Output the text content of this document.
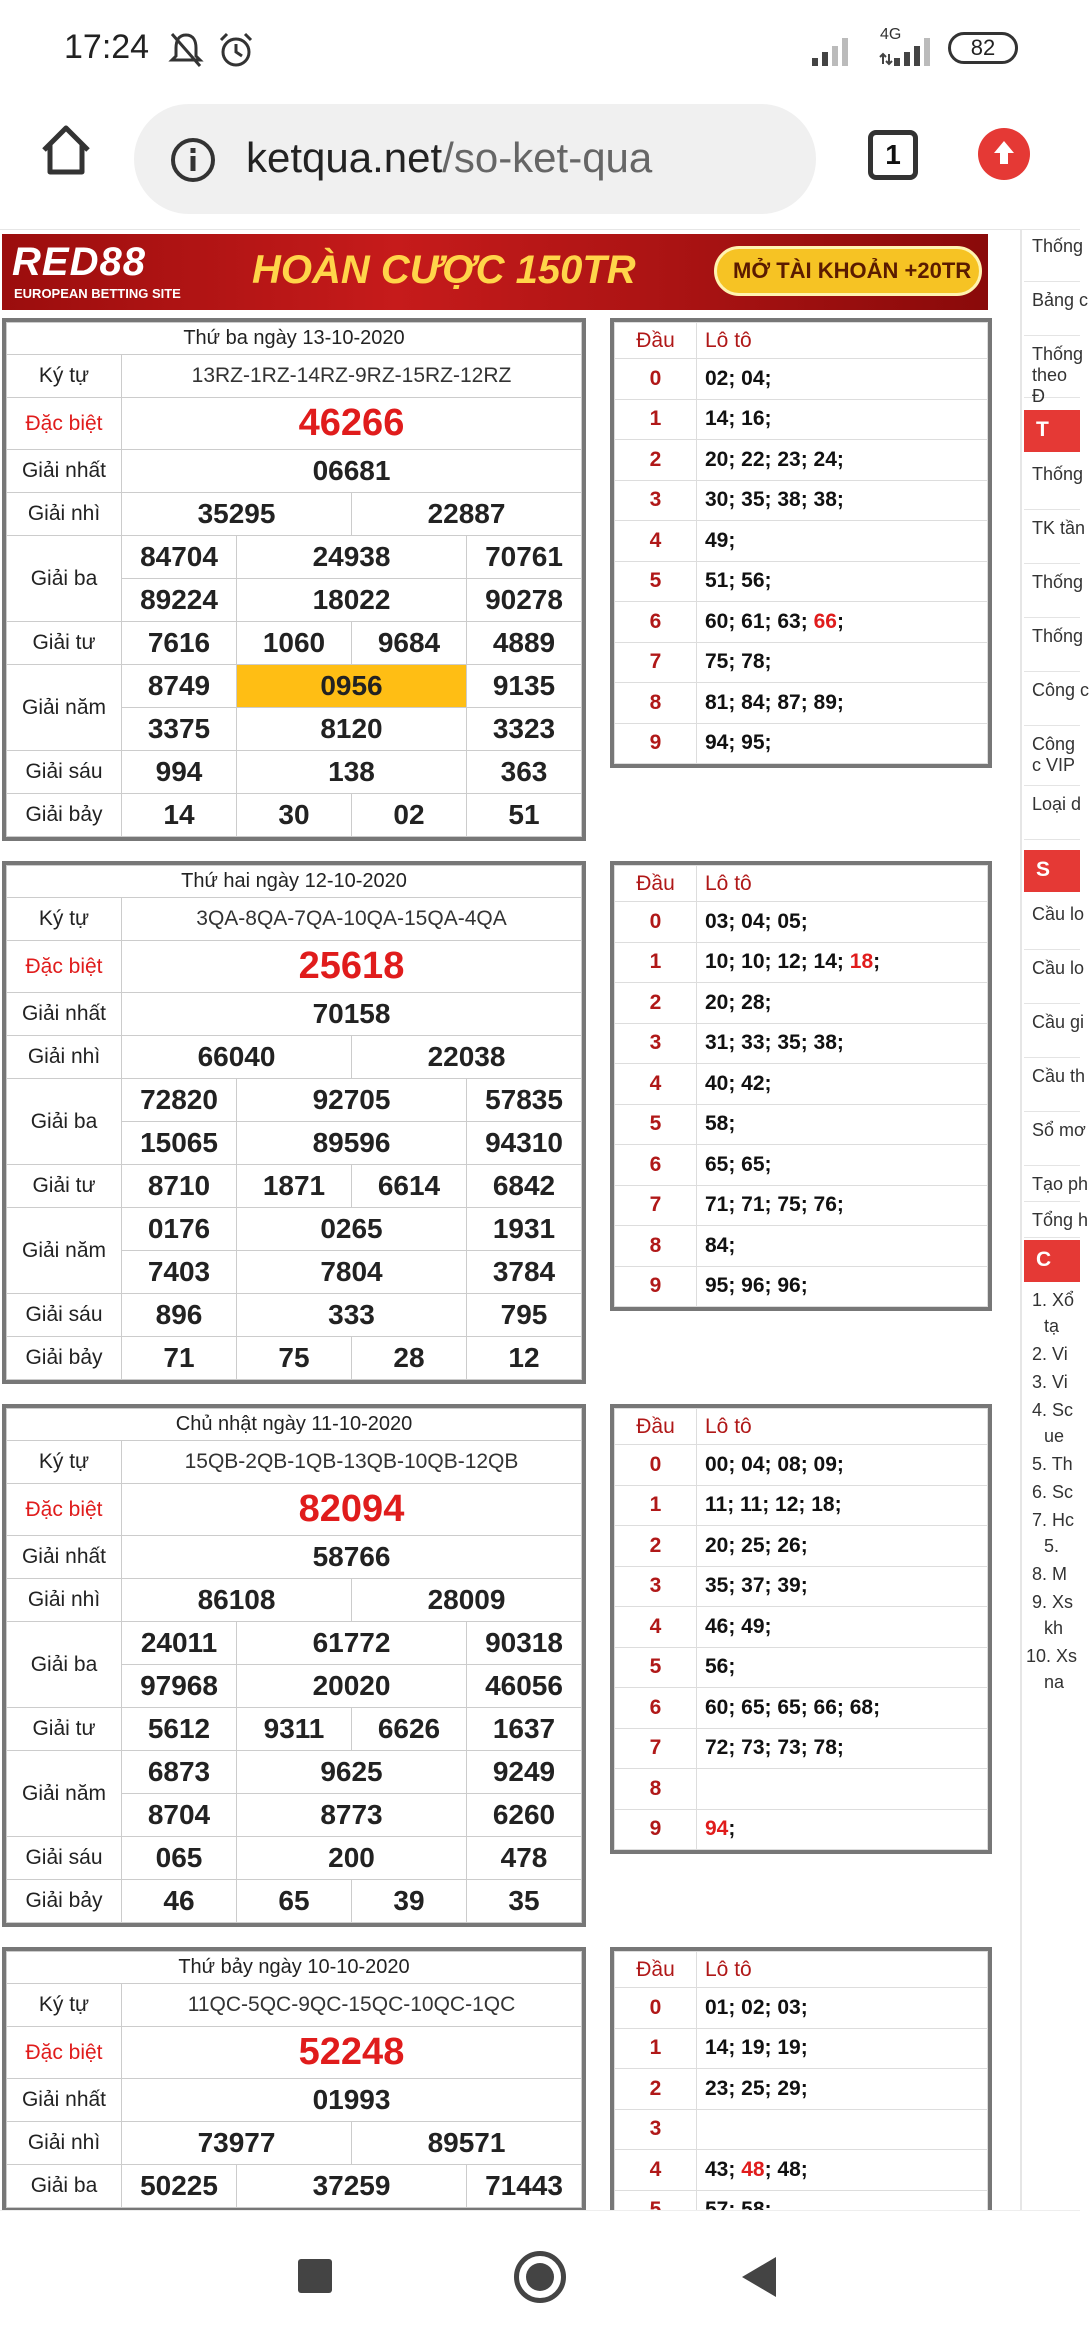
17:24	4G
82
ketqua.net/so-ket-qua	1
RED88
EUROPEAN BETTING SITE
HOÀN CƯỢC 150TR	MỞ TÀI KHOẢN +20TR
Thứ ba ngày 13-10-2020				
Ký tự	13RZ-1RZ-14RZ-9RZ-15RZ-12RZ			
Đặc biệt	46266			
Giải nhất	06681			
Giải nhì	35295		22887	
Giải ba	84704	24938		70761
	89224	18022		90278
Giải tư	7616	1060	9684	4889
Giải năm	8749	0956		9135
	3375	8120		3323
Giải sáu	994	138		363
Giải bảy	14	30	02	51
Đầu	Lô tô
0	02; 04;
1	14; 16;
2	20; 22; 23; 24;
3	30; 35; 38; 38;
4	49;
5	51; 56;
6	60; 61; 63; 66;
7	75; 78;
8	81; 84; 87; 89;
9	94; 95;
Thứ hai ngày 12-10-2020				
Ký tự	3QA-8QA-7QA-10QA-15QA-4QA			
Đặc biệt	25618			
Giải nhất	70158			
Giải nhì	66040		22038	
Giải ba	72820	92705		57835
	15065	89596		94310
Giải tư	8710	1871	6614	6842
Giải năm	0176	0265		1931
	7403	7804		3784
Giải sáu	896	333		795
Giải bảy	71	75	28	12
Đầu	Lô tô
0	03; 04; 05;
1	10; 10; 12; 14; 18;
2	20; 28;
3	31; 33; 35; 38;
4	40; 42;
5	58;
6	65; 65;
7	71; 71; 75; 76;
8	84;
9	95; 96; 96;
Chủ nhật ngày 11-10-2020				
Ký tự	15QB-2QB-1QB-13QB-10QB-12QB			
Đặc biệt	82094			
Giải nhất	58766			
Giải nhì	86108		28009	
Giải ba	24011	61772		90318
	97968	20020		46056
Giải tư	5612	9311	6626	1637
Giải năm	6873	9625		9249
	8704	8773		6260
Giải sáu	065	200		478
Giải bảy	46	65	39	35
Đầu	Lô tô
0	00; 04; 08; 09;
1	11; 11; 12; 18;
2	20; 25; 26;
3	35; 37; 39;
4	46; 49;
5	56;
6	60; 65; 65; 66; 68;
7	72; 73; 73; 78;
8	
9	94;
Thứ bảy ngày 10-10-2020				
Ký tự	11QC-5QC-9QC-15QC-10QC-1QC			
Đặc biệt	52248			
Giải nhất	01993			
Giải nhì	73977		89571	
Giải ba	50225	37259		71443
Đầu	Lô tô
0	01; 02; 03;
1	14; 19; 19;
2	23; 25; 29;
3	
4	43; 48; 48;

Thống
Bảng c
Thống theo Đ
T
Thống
TK tần
Thống
Thống
Công c
Công c VIP
Loại d
S
Cầu lo
Cầu lo
Cầu gi
Cầu th
Sổ mơ
Tạo ph
Tổng h
C
1. Xổ
tạ
2. Vi
3. Vi
4. Sc
ue
5. Th
6. Sc
7. Hc
5.
8. M
9. Xs
kh
10. Xs
na
